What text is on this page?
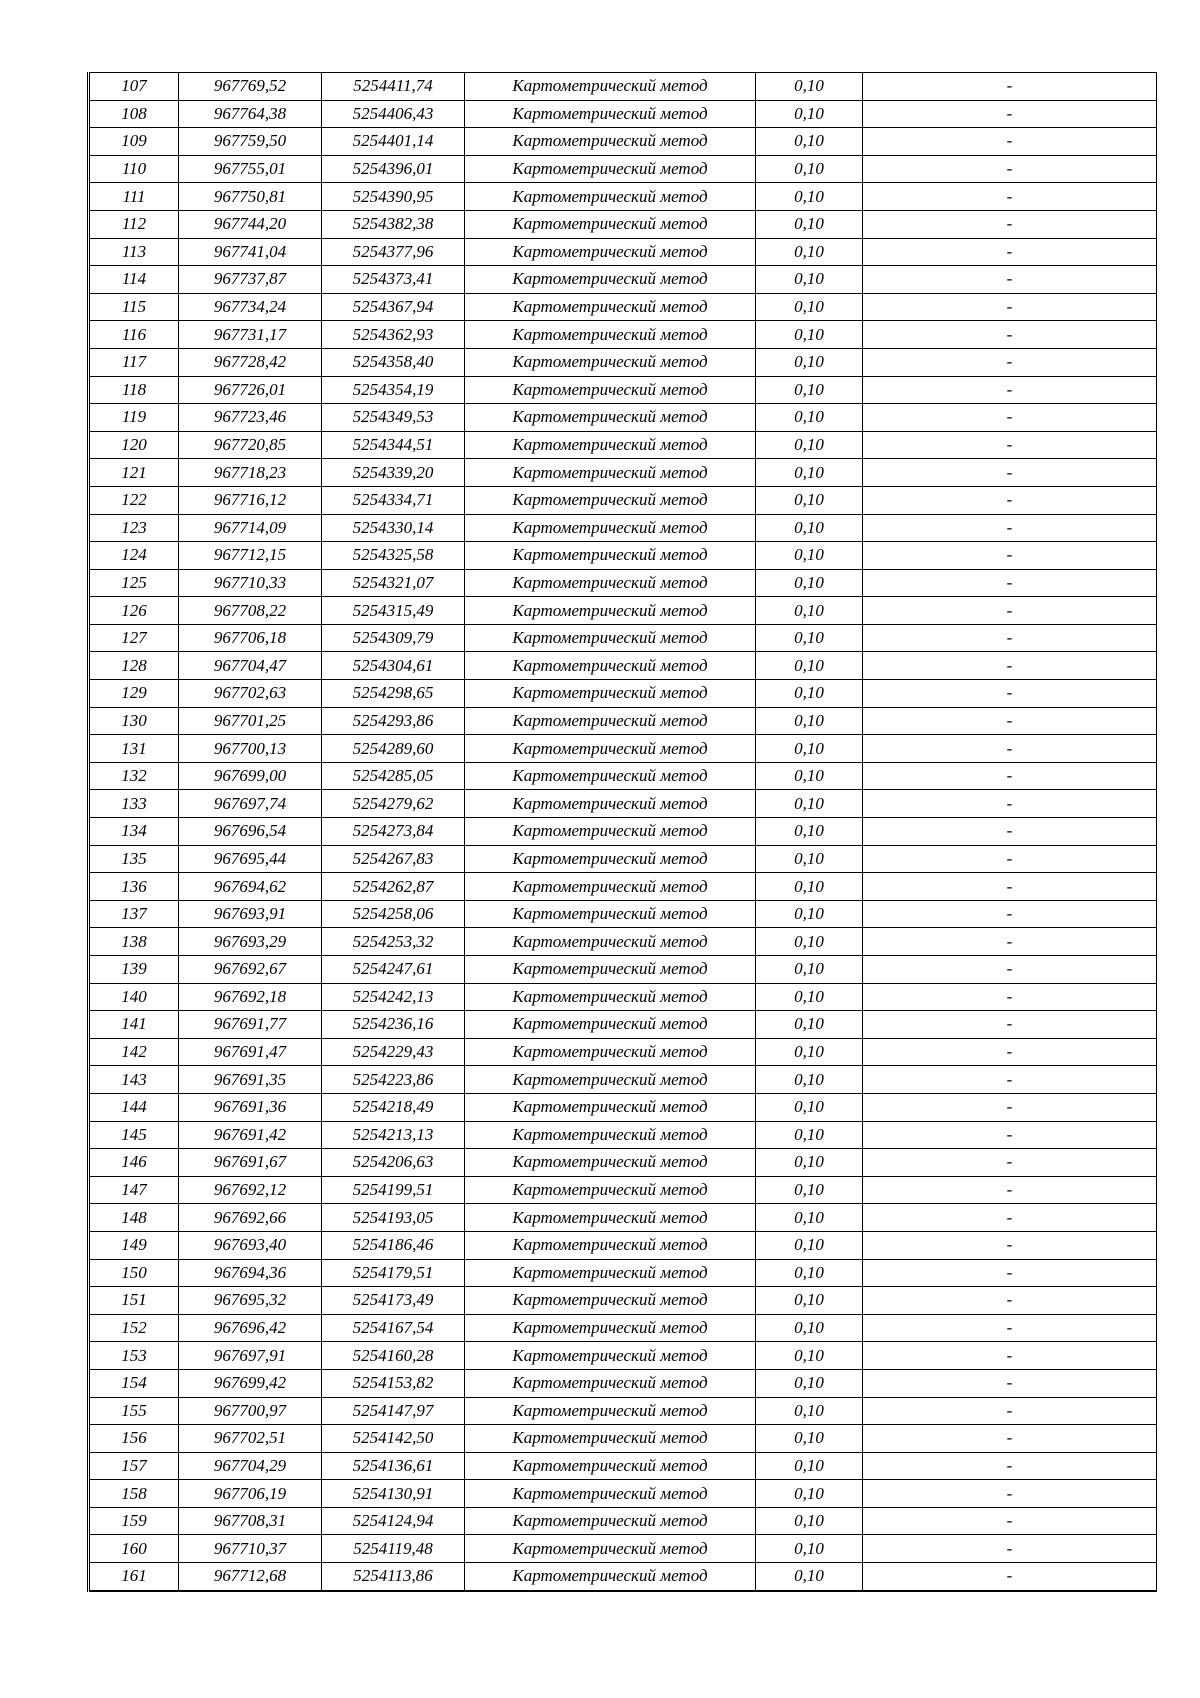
107	967769,52	5254411,74	Картометрический метод	0,10	-
108	967764,38	5254406,43	Картометрический метод	0,10	-
109	967759,50	5254401,14	Картометрический метод	0,10	-
110	967755,01	5254396,01	Картометрический метод	0,10	-
111	967750,81	5254390,95	Картометрический метод	0,10	-
112	967744,20	5254382,38	Картометрический метод	0,10	-
113	967741,04	5254377,96	Картометрический метод	0,10	-
114	967737,87	5254373,41	Картометрический метод	0,10	-
115	967734,24	5254367,94	Картометрический метод	0,10	-
116	967731,17	5254362,93	Картометрический метод	0,10	-
117	967728,42	5254358,40	Картометрический метод	0,10	-
118	967726,01	5254354,19	Картометрический метод	0,10	-
119	967723,46	5254349,53	Картометрический метод	0,10	-
120	967720,85	5254344,51	Картометрический метод	0,10	-
121	967718,23	5254339,20	Картометрический метод	0,10	-
122	967716,12	5254334,71	Картометрический метод	0,10	-
123	967714,09	5254330,14	Картометрический метод	0,10	-
124	967712,15	5254325,58	Картометрический метод	0,10	-
125	967710,33	5254321,07	Картометрический метод	0,10	-
126	967708,22	5254315,49	Картометрический метод	0,10	-
127	967706,18	5254309,79	Картометрический метод	0,10	-
128	967704,47	5254304,61	Картометрический метод	0,10	-
129	967702,63	5254298,65	Картометрический метод	0,10	-
130	967701,25	5254293,86	Картометрический метод	0,10	-
131	967700,13	5254289,60	Картометрический метод	0,10	-
132	967699,00	5254285,05	Картометрический метод	0,10	-
133	967697,74	5254279,62	Картометрический метод	0,10	-
134	967696,54	5254273,84	Картометрический метод	0,10	-
135	967695,44	5254267,83	Картометрический метод	0,10	-
136	967694,62	5254262,87	Картометрический метод	0,10	-
137	967693,91	5254258,06	Картометрический метод	0,10	-
138	967693,29	5254253,32	Картометрический метод	0,10	-
139	967692,67	5254247,61	Картометрический метод	0,10	-
140	967692,18	5254242,13	Картометрический метод	0,10	-
141	967691,77	5254236,16	Картометрический метод	0,10	-
142	967691,47	5254229,43	Картометрический метод	0,10	-
143	967691,35	5254223,86	Картометрический метод	0,10	-
144	967691,36	5254218,49	Картометрический метод	0,10	-
145	967691,42	5254213,13	Картометрический метод	0,10	-
146	967691,67	5254206,63	Картометрический метод	0,10	-
147	967692,12	5254199,51	Картометрический метод	0,10	-
148	967692,66	5254193,05	Картометрический метод	0,10	-
149	967693,40	5254186,46	Картометрический метод	0,10	-
150	967694,36	5254179,51	Картометрический метод	0,10	-
151	967695,32	5254173,49	Картометрический метод	0,10	-
152	967696,42	5254167,54	Картометрический метод	0,10	-
153	967697,91	5254160,28	Картометрический метод	0,10	-
154	967699,42	5254153,82	Картометрический метод	0,10	-
155	967700,97	5254147,97	Картометрический метод	0,10	-
156	967702,51	5254142,50	Картометрический метод	0,10	-
157	967704,29	5254136,61	Картометрический метод	0,10	-
158	967706,19	5254130,91	Картометрический метод	0,10	-
159	967708,31	5254124,94	Картометрический метод	0,10	-
160	967710,37	5254119,48	Картометрический метод	0,10	-
161	967712,68	5254113,86	Картометрический метод	0,10	-
